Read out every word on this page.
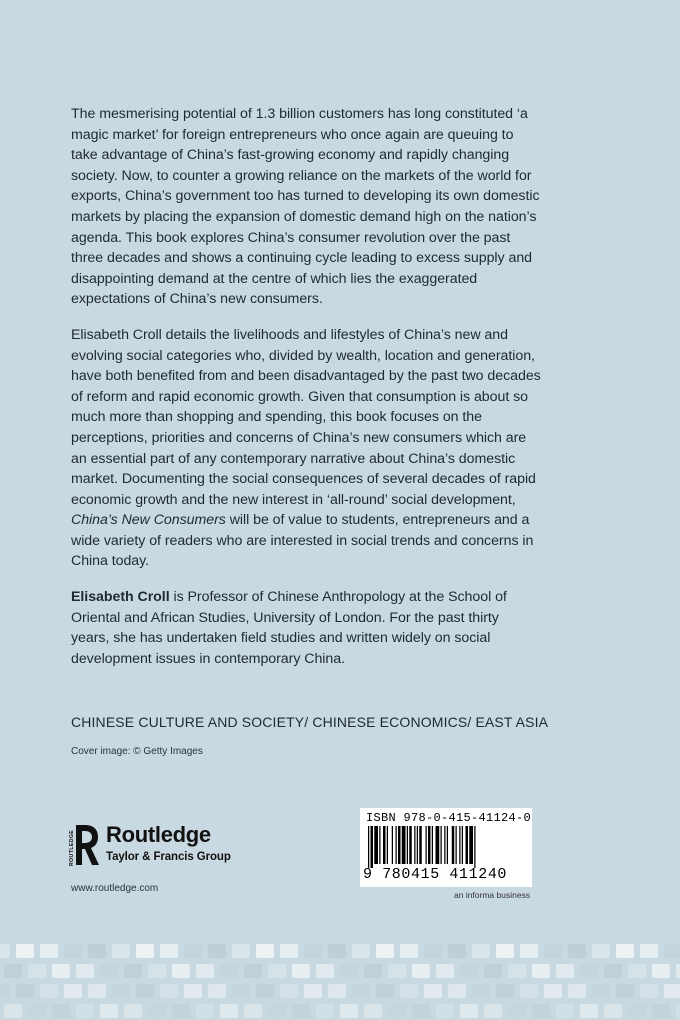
The mesmerising potential of 1.3 billion customers has long constituted ‘a magic market’ for foreign entrepreneurs who once again are queuing to take advantage of China’s fast-growing economy and rapidly changing society. Now, to counter a growing reliance on the markets of the world for exports, China’s government too has turned to developing its own domestic markets by placing the expansion of domestic demand high on the nation’s agenda. This book explores China’s consumer revolution over the past three decades and shows a continuing cycle leading to excess supply and disappointing demand at the centre of which lies the exaggerated expectations of China’s new consumers.

Elisabeth Croll details the livelihoods and lifestyles of China’s new and evolving social categories who, divided by wealth, location and generation, have both benefited from and been disadvantaged by the past two decades of reform and rapid economic growth. Given that consumption is about so much more than shopping and spending, this book focuses on the perceptions, priorities and concerns of China’s new consumers which are an essential part of any contemporary narrative about China’s domestic market. Documenting the social consequences of several decades of rapid economic growth and the new interest in ‘all-round’ social development, China’s New Consumers will be of value to students, entrepreneurs and a wide variety of readers who are interested in social trends and concerns in China today.

Elisabeth Croll is Professor of Chinese Anthropology at the School of Oriental and African Studies, University of London. For the past thirty years, she has undertaken field studies and written widely on social development issues in contemporary China.

CHINESE CULTURE AND SOCIETY/ CHINESE ECONOMICS/ EAST ASIA
Cover image: © Getty Images
ROUTLEDGE Routledge
Taylor & Francis Group
www.routledge.com
ISBN 978-0-415-41124-0
9 780415 411240
an informa business
